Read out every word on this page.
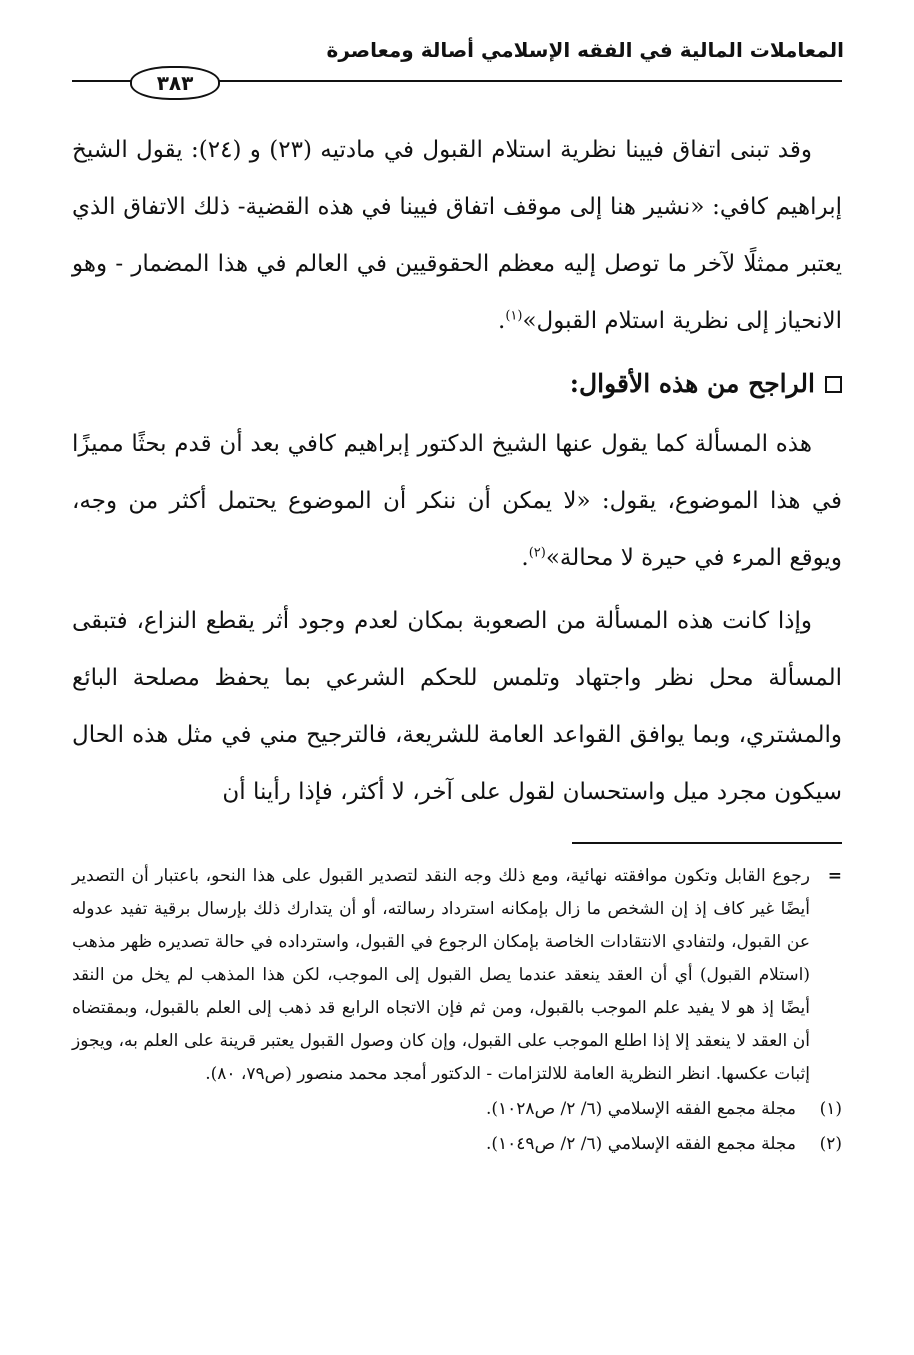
المعاملات المالية في الفقه الإسلامي أصالة ومعاصرة
٣٨٣

وقد تبنى اتفاق فيينا نظرية استلام القبول في مادتيه (٢٣) و (٢٤): يقول الشيخ إبراهيم كافي: «نشير هنا إلى موقف اتفاق فيينا في هذه القضية- ذلك الاتفاق الذي يعتبر ممثلًا لآخر ما توصل إليه معظم الحقوقيين في العالم في هذا المضمار - وهو الانحياز إلى نظرية استلام القبول»$^{(١)}$.

الراجح من هذه الأقوال:

هذه المسألة كما يقول عنها الشيخ الدكتور إبراهيم كافي بعد أن قدم بحثًا مميزًا في هذا الموضوع، يقول: «لا يمكن أن ننكر أن الموضوع يحتمل أكثر من وجه، ويوقع المرء في حيرة لا محالة»$^{(٢)}$.

وإذا كانت هذه المسألة من الصعوبة بمكان لعدم وجود أثر يقطع النزاع، فتبقى المسألة محل نظر واجتهاد وتلمس للحكم الشرعي بما يحفظ مصلحة البائع والمشتري، وبما يوافق القواعد العامة للشريعة، فالترجيح مني في مثل هذه الحال سيكون مجرد ميل واستحسان لقول على آخر، لا أكثر، فإذا رأينا أن

=
رجوع القابل وتكون موافقته نهائية، ومع ذلك وجه النقد لتصدير القبول على هذا النحو، باعتبار أن التصدير أيضًا غير كاف إذ إن الشخص ما زال بإمكانه استرداد رسالته، أو أن يتدارك ذلك بإرسال برقية تفيد عدوله عن القبول، ولتفادي الانتقادات الخاصة بإمكان الرجوع في القبول، واسترداده في حالة تصديره ظهر مذهب (استلام القبول) أي أن العقد ينعقد عندما يصل القبول إلى الموجب، لكن هذا المذهب لم يخل من النقد أيضًا إذ هو لا يفيد علم الموجب بالقبول، ومن ثم فإن الاتجاه الرابع قد ذهب إلى العلم بالقبول، وبمقتضاه أن العقد لا ينعقد إلا إذا اطلع الموجب على القبول، وإن كان وصول القبول يعتبر قرينة على العلم به، ويجوز إثبات عكسها. انظر النظرية العامة للالتزامات - الدكتور أمجد محمد منصور (ص٧٩، ٨٠).
(١)
مجلة مجمع الفقه الإسلامي (٦/ ٢/ ص١٠٢٨).
(٢)
مجلة مجمع الفقه الإسلامي (٦/ ٢/ ص١٠٤٩).
